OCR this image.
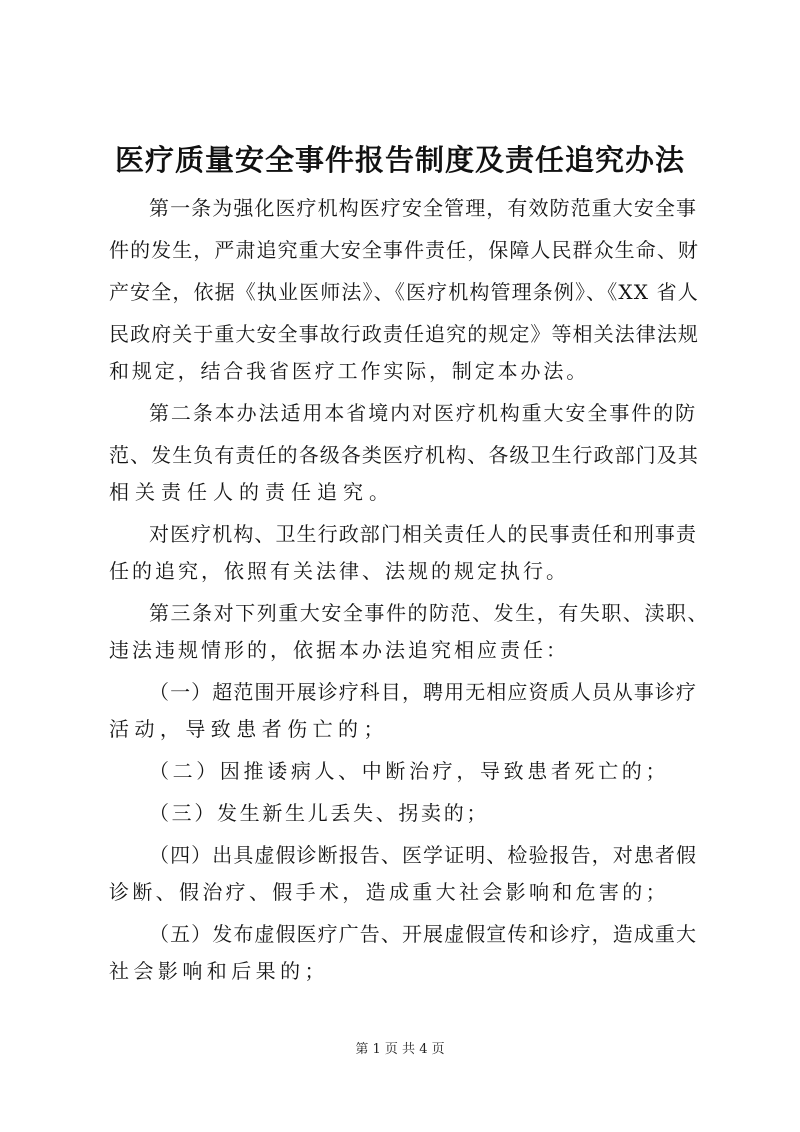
医疗质量安全事件报告制度及责任追究办法

第一条为强化医疗机构医疗安全管理，有效防范重大安全事

件的发生，严肃追究重大安全事件责任，保障人民群众生命、财

产安全，依据《执业医师法》、《医疗机构管理条例》、《XX 省人

民政府关于重大安全事故行政责任追究的规定》等相关法律法规

和规定，结合我省医疗工作实际，制定本办法。

第二条本办法适用本省境内对医疗机构重大安全事件的防

范、发生负有责任的各级各类医疗机构、各级卫生行政部门及其

相关责任人的责任追究。

对医疗机构、卫生行政部门相关责任人的民事责任和刑事责

任的追究，依照有关法律、法规的规定执行。

第三条对下列重大安全事件的防范、发生，有失职、渎职、

违法违规情形的，依据本办法追究相应责任：

（一）超范围开展诊疗科目，聘用无相应资质人员从事诊疗

活动，导致患者伤亡的；

（二）因推诿病人、中断治疗，导致患者死亡的；

（三）发生新生儿丢失、拐卖的；

（四）出具虚假诊断报告、医学证明、检验报告，对患者假

诊断、假治疗、假手术，造成重大社会影响和危害的；

（五）发布虚假医疗广告、开展虚假宣传和诊疗，造成重大

社会影响和后果的；

第 1 页 共 4 页
